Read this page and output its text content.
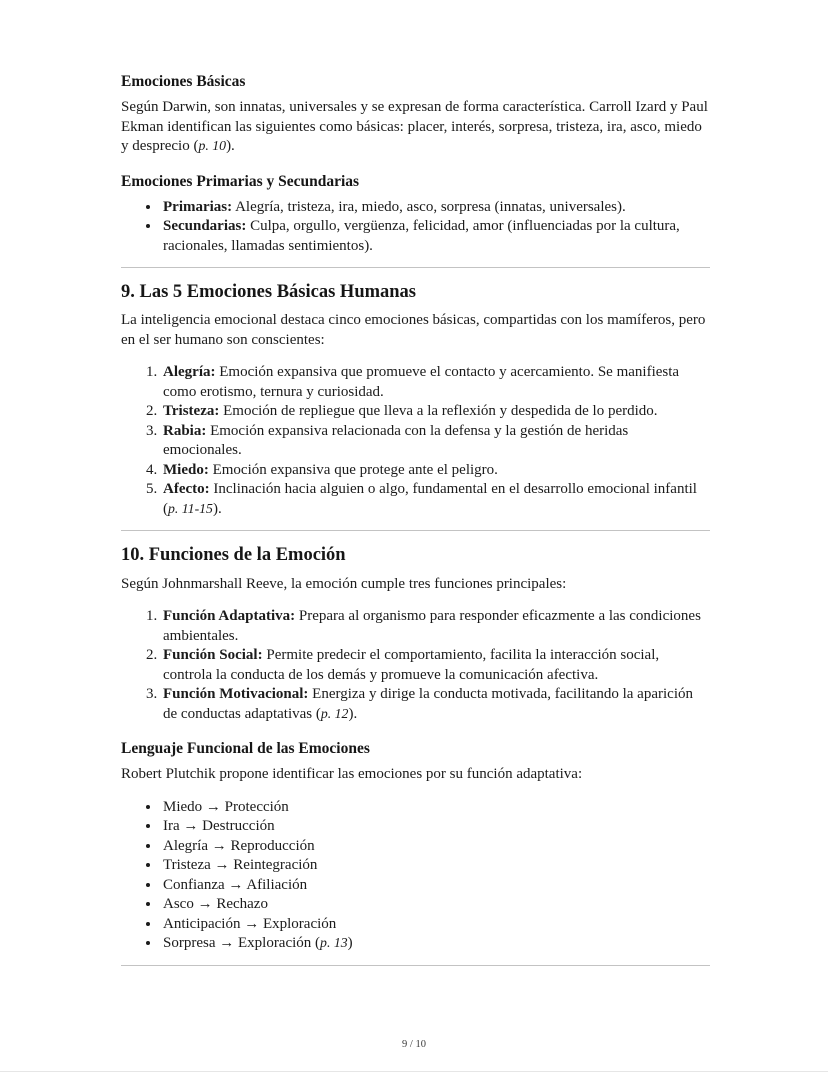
Emociones Básicas

Según Darwin, son innatas, universales y se expresan de forma característica. Carroll Izard y Paul Ekman identifican las siguientes como básicas: placer, interés, sorpresa, tristeza, ira, asco, miedo y desprecio (p. 10).

Emociones Primarias y Secundarias
• Primarias: Alegría, tristeza, ira, miedo, asco, sorpresa (innatas, universales).
• Secundarias: Culpa, orgullo, vergüenza, felicidad, amor (influenciadas por la cultura, racionales, llamadas sentimientos).
9. Las 5 Emociones Básicas Humanas

La inteligencia emocional destaca cinco emociones básicas, compartidas con los mamíferos, pero en el ser humano son conscientes:

1. Alegría: Emoción expansiva que promueve el contacto y acercamiento. Se manifiesta como erotismo, ternura y curiosidad.
2. Tristeza: Emoción de repliegue que lleva a la reflexión y despedida de lo perdido.
3. Rabia: Emoción expansiva relacionada con la defensa y la gestión de heridas emocionales.
4. Miedo: Emoción expansiva que protege ante el peligro.
5. Afecto: Inclinación hacia alguien o algo, fundamental en el desarrollo emocional infantil (p. 11-15).
10. Funciones de la Emoción

Según Johnmarshall Reeve, la emoción cumple tres funciones principales:

1. Función Adaptativa: Prepara al organismo para responder eficazmente a las condiciones ambientales.
2. Función Social: Permite predecir el comportamiento, facilita la interacción social, controla la conducta de los demás y promueve la comunicación afectiva.
3. Función Motivacional: Energiza y dirige la conducta motivada, facilitando la aparición de conductas adaptativas (p. 12).
Lenguaje Funcional de las Emociones

Robert Plutchik propone identificar las emociones por su función adaptativa:

• Miedo → Protección
• Ira → Destrucción
• Alegría → Reproducción
• Tristeza → Reintegración
• Confianza → Afiliación
• Asco → Rechazo
• Anticipación → Exploración
• Sorpresa → Exploración (p. 13)
9 / 10
